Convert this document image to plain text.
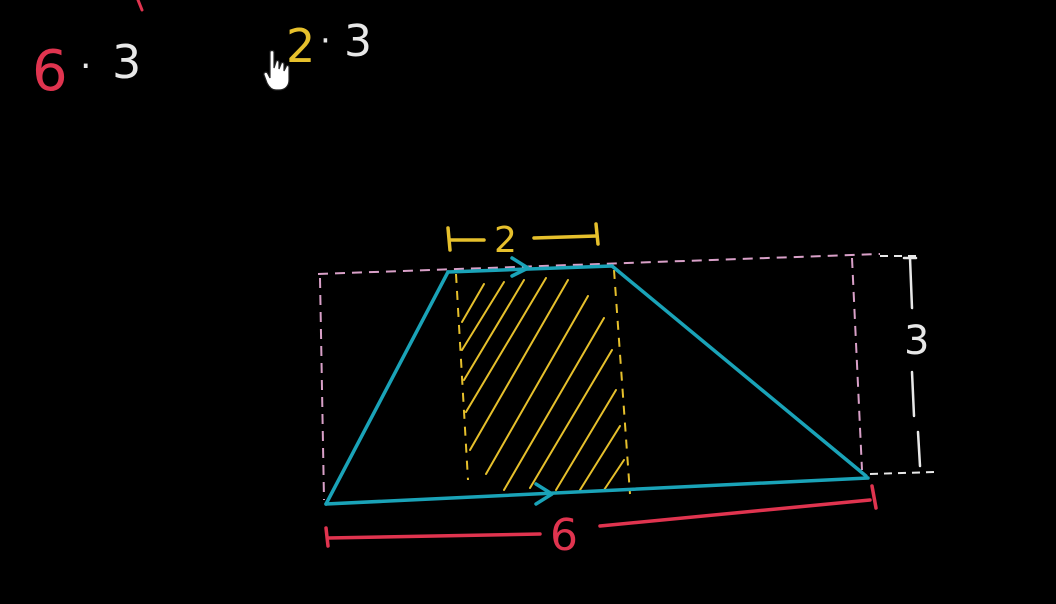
6 · 3	2 · 3
3
2
6
